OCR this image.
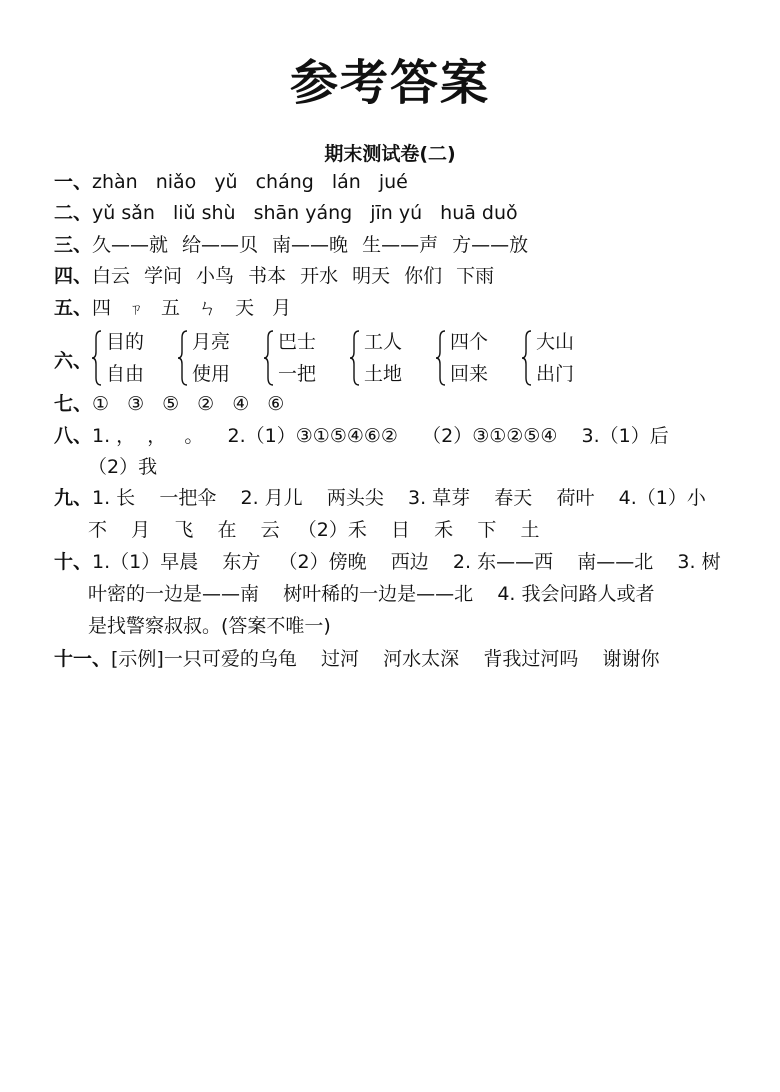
参考答案
期末测试卷(二)
一、zhàn niǎo yǔ cháng lán jué
二、yǔ sǎn liǔ shù shān yáng jīn yú huā duǒ
三、久——就 给——贝 南——晚 生——声 方——放
四、白云 学问 小鸟 书本 开水 明天 你们 下雨
五、四 ㄗ 五 ㄣ 天 月
六、
目的
自由
月亮
使用
巴士
一把
工人
土地
四个
回来
大山
出门
七、① ③ ⑤ ② ④ ⑥
八、1. ，  ，   。    2.（1）③①⑤④⑥②    （2）③①②⑤④    3.（1）后
（2）我
九、1. 长    一把伞    2. 月儿    两头尖    3. 草芽    春天    荷叶    4.（1）小
不    月    飞    在    云   （2）禾    日    禾    下    土
十、1.（1）早晨    东方   （2）傍晚    西边    2. 东——西    南——北    3. 树
叶密的一边是——南    树叶稀的一边是——北    4. 我会问路人或者
是找警察叔叔。(答案不唯一)
十一、[示例]一只可爱的乌龟    过河    河水太深    背我过河吗    谢谢你
